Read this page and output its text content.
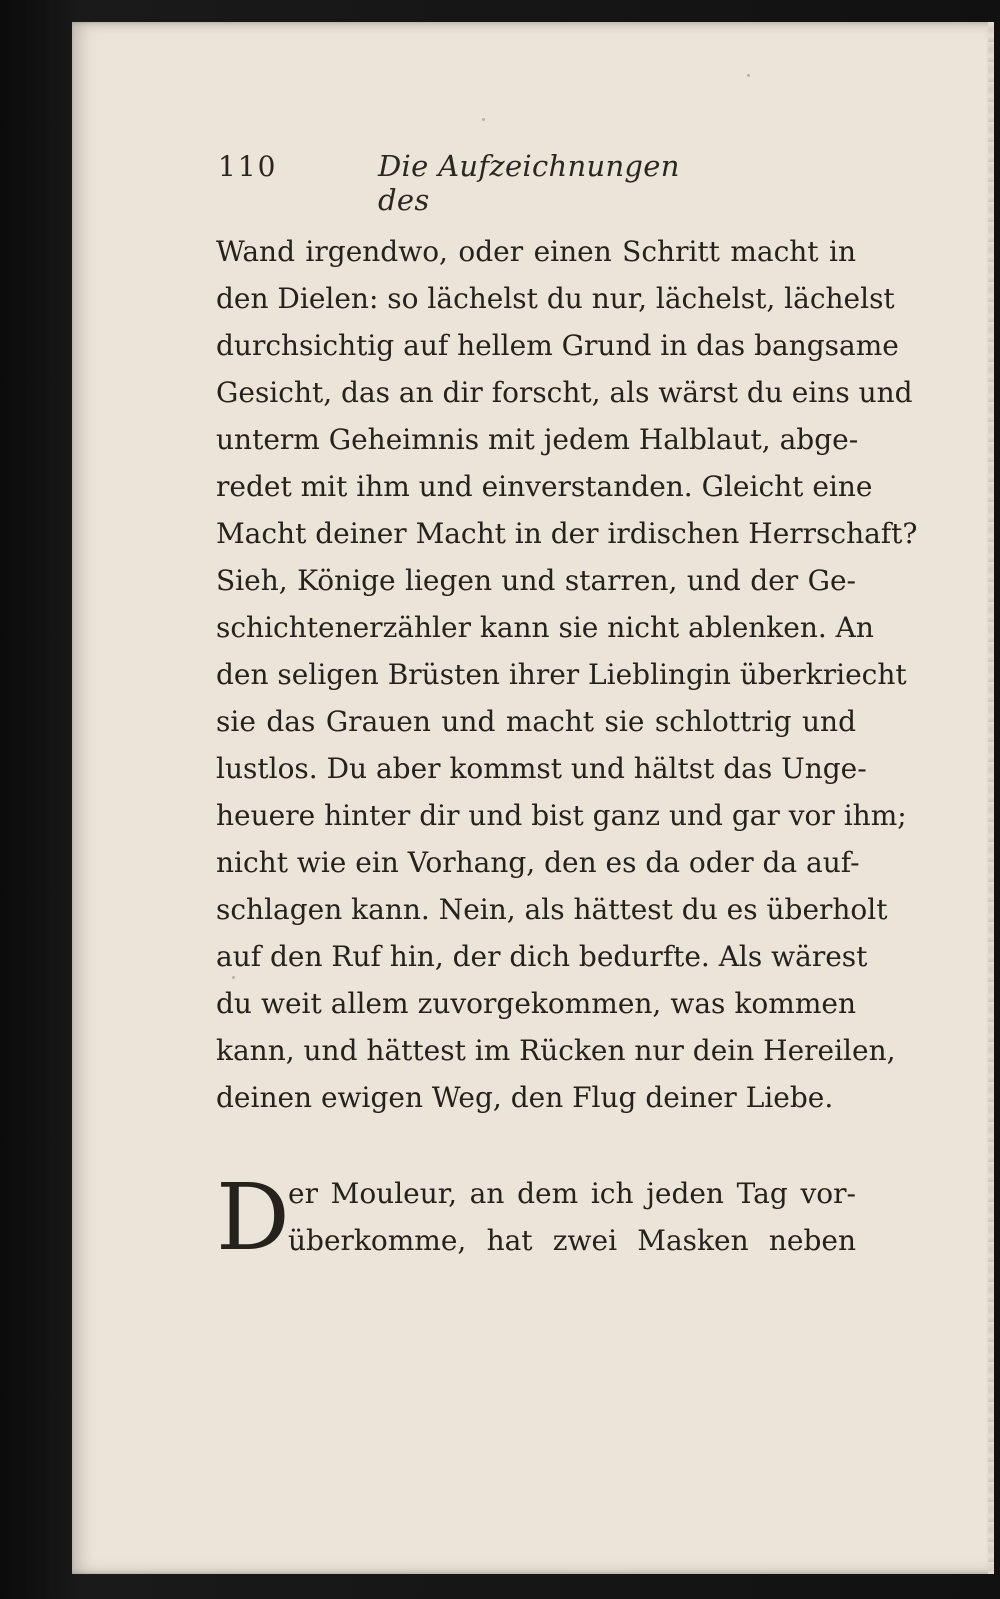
110	Die Aufzeichnungen des
Wand irgendwo, oder einen Schritt macht in
den Dielen: so lächelst du nur, lächelst, lächelst
durchsichtig auf hellem Grund in das bangsame
Gesicht, das an dir forscht, als wärst du eins und
unterm Geheimnis mit jedem Halblaut, abge-
redet mit ihm und einverstanden. Gleicht eine
Macht deiner Macht in der irdischen Herrschaft?
Sieh, Könige liegen und starren, und der Ge-
schichtenerzähler kann sie nicht ablenken. An
den seligen Brüsten ihrer Lieblingin überkriecht
sie das Grauen und macht sie schlottrig und
lustlos. Du aber kommst und hältst das Unge-
heuere hinter dir und bist ganz und gar vor ihm;
nicht wie ein Vorhang, den es da oder da auf-
schlagen kann. Nein, als hättest du es überholt
auf den Ruf hin, der dich bedurfte. Als wärest
du weit allem zuvorgekommen, was kommen
kann, und hättest im Rücken nur dein Hereilen,
deinen ewigen Weg, den Flug deiner Liebe.
D
er Mouleur, an dem ich jeden Tag vor-
überkomme, hat zwei Masken neben
